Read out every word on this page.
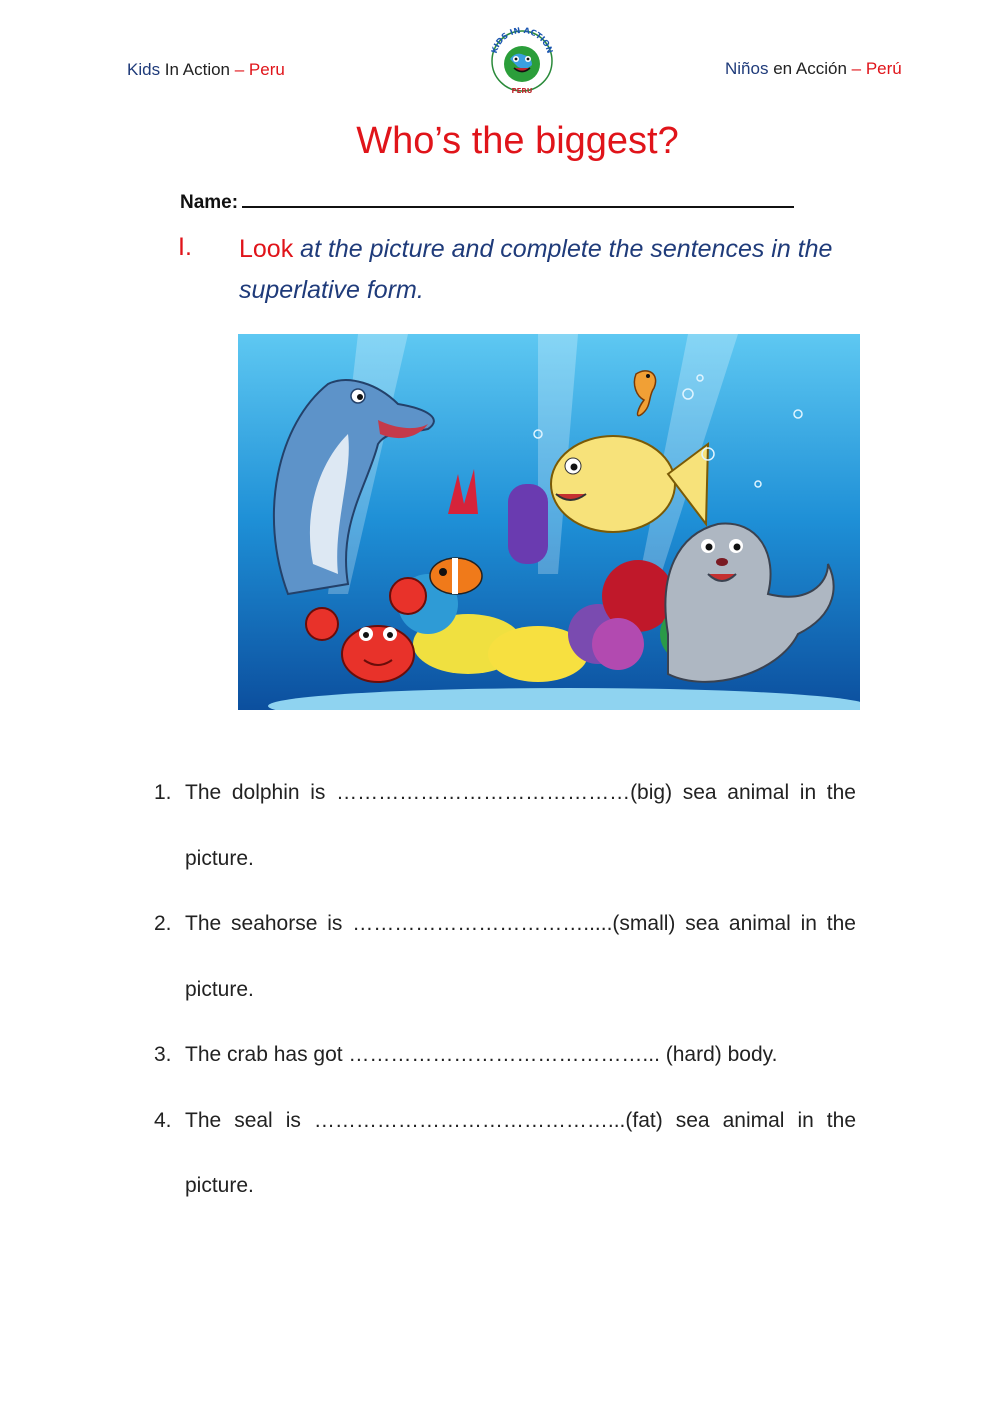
Kids In Action – Peru
KIDS IN ACTION
PERU
Niños en Acción – Perú
Who’s the biggest?
Name:
I. Look at the picture and complete the sentences in the superlative form.
1. The dolphin is ……………………………………(big) sea animal in the picture.
2. The seahorse is …………………………….....(small) sea animal in the picture.
3. The crab has got ……………………………………... (hard) body.
4. The seal is ……………………………………...(fat) sea animal in the picture.
